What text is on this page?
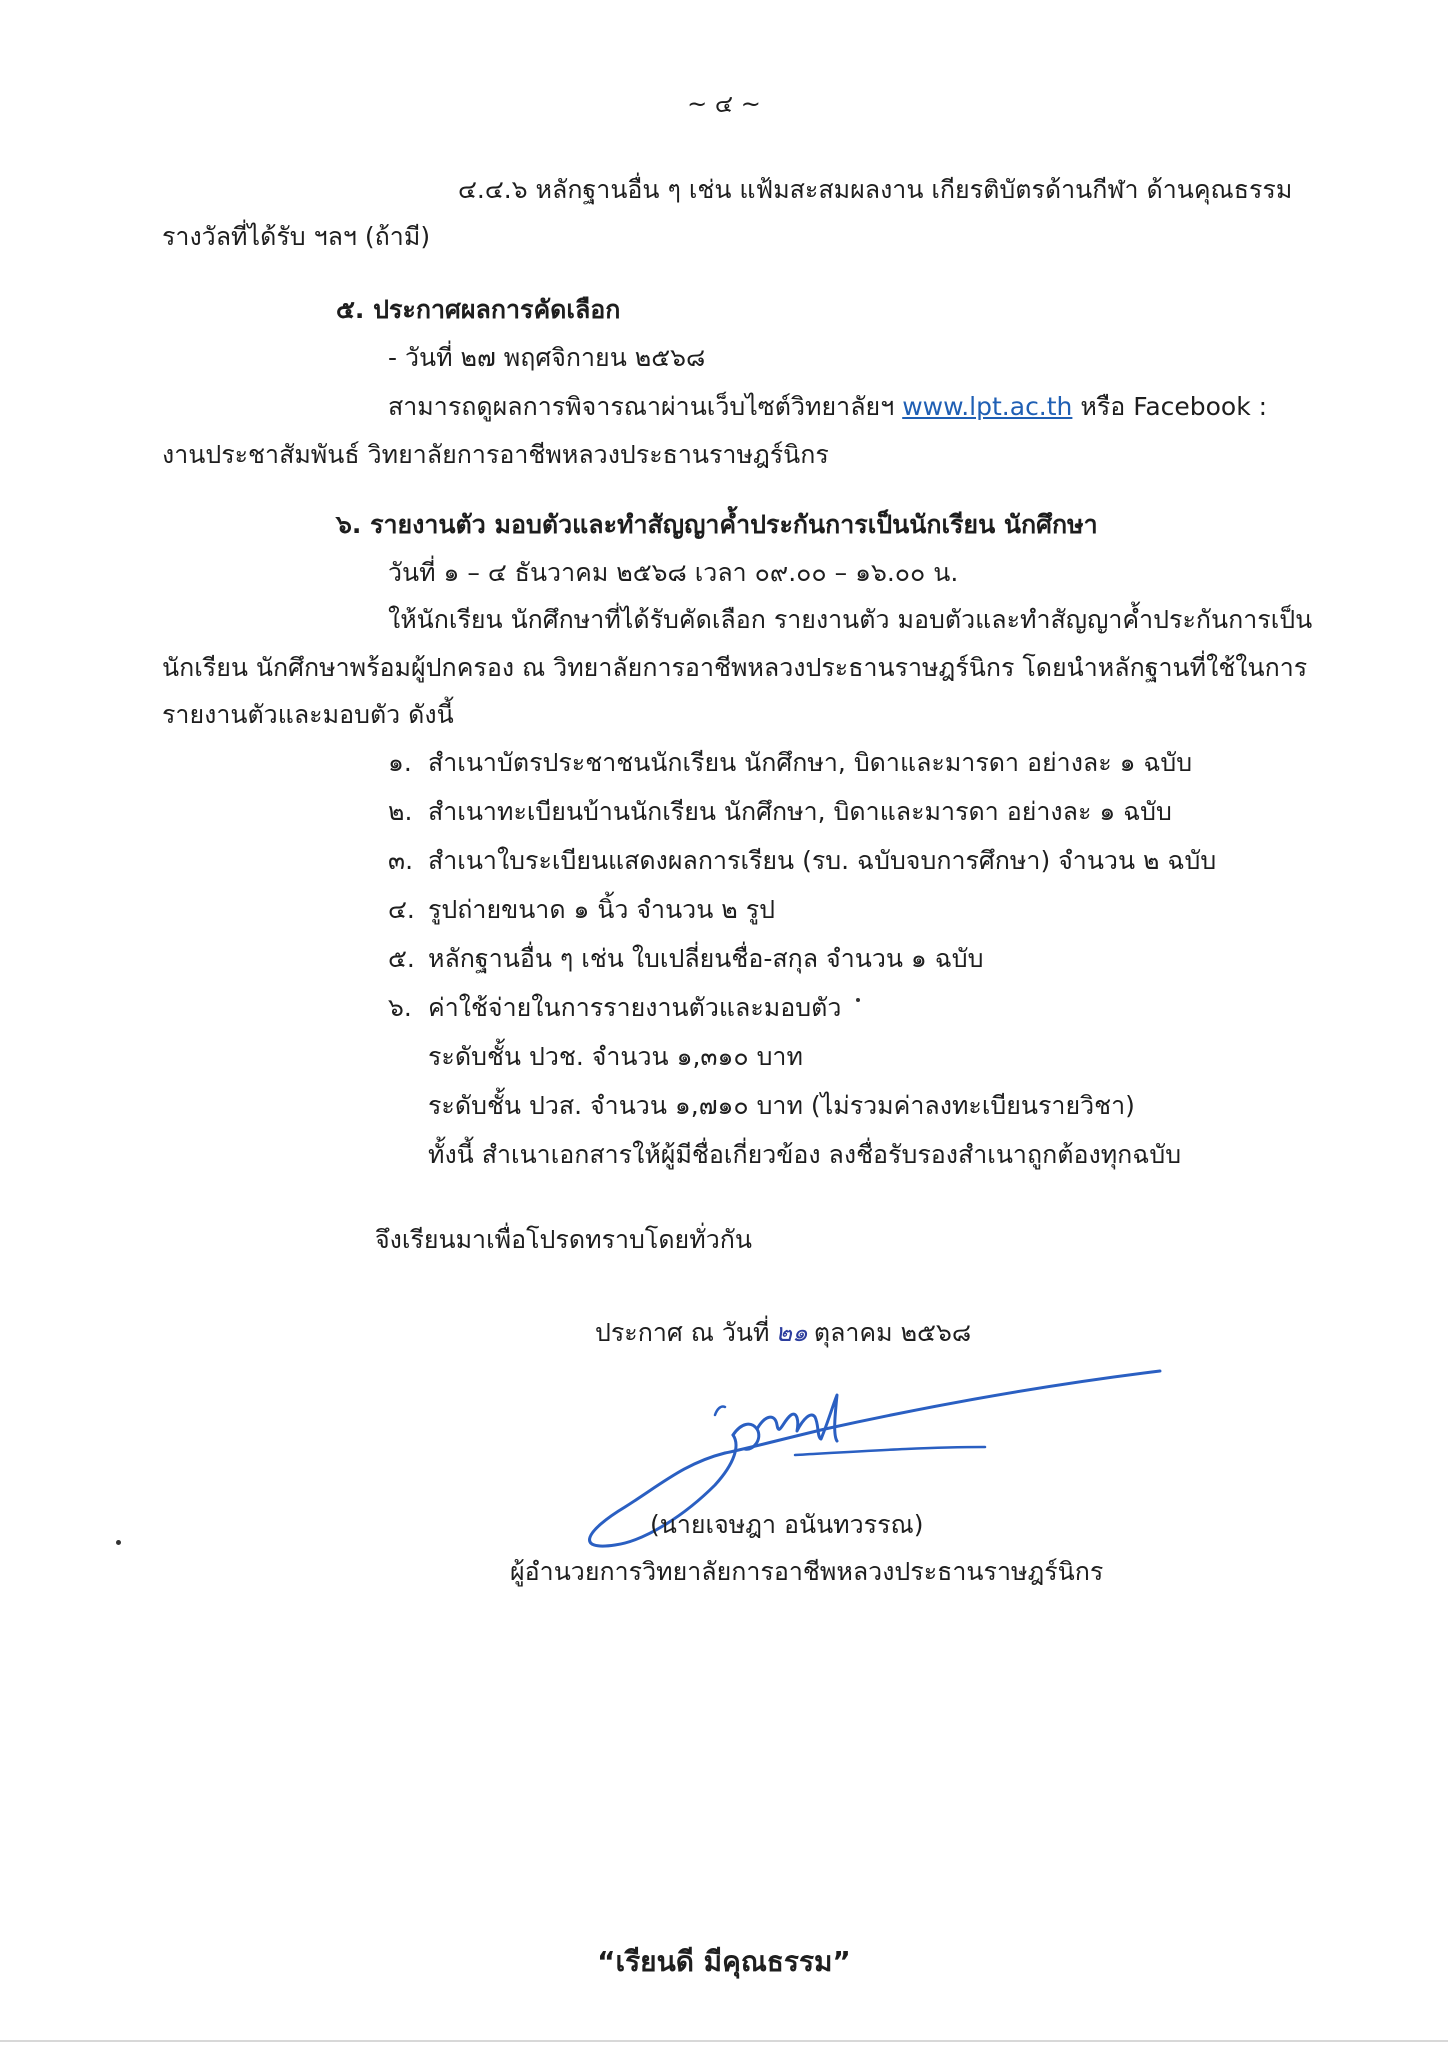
~ ๔ ~
๔.๔.๖ หลักฐานอื่น ๆ เช่น แฟ้มสะสมผลงาน เกียรติบัตรด้านกีฬา ด้านคุณธรรม
รางวัลที่ได้รับ ฯลฯ (ถ้ามี)
๕. ประกาศผลการคัดเลือก
- วันที่ ๒๗ พฤศจิกายน ๒๕๖๘
สามารถดูผลการพิจารณาผ่านเว็บไซต์วิทยาลัยฯ www.lpt.ac.th หรือ Facebook :
งานประชาสัมพันธ์ วิทยาลัยการอาชีพหลวงประธานราษฎร์นิกร
๖. รายงานตัว มอบตัวและทำสัญญาค้ำประกันการเป็นนักเรียน นักศึกษา
วันที่ ๑ – ๔ ธันวาคม ๒๕๖๘ เวลา ๐๙.๐๐ – ๑๖.๐๐ น.
ให้นักเรียน นักศึกษาที่ได้รับคัดเลือก รายงานตัว มอบตัวและทำสัญญาค้ำประกันการเป็น
นักเรียน นักศึกษาพร้อมผู้ปกครอง ณ วิทยาลัยการอาชีพหลวงประธานราษฎร์นิกร โดยนำหลักฐานที่ใช้ในการ
รายงานตัวและมอบตัว ดังนี้
๑. สำเนาบัตรประชาชนนักเรียน นักศึกษา, บิดาและมารดา อย่างละ ๑ ฉบับ
๒. สำเนาทะเบียนบ้านนักเรียน นักศึกษา, บิดาและมารดา อย่างละ ๑ ฉบับ
๓. สำเนาใบระเบียนแสดงผลการเรียน (รบ. ฉบับจบการศึกษา) จำนวน ๒ ฉบับ
๔. รูปถ่ายขนาด ๑ นิ้ว จำนวน ๒ รูป
๕. หลักฐานอื่น ๆ เช่น ใบเปลี่ยนชื่อ-สกุล จำนวน ๑ ฉบับ
๖. ค่าใช้จ่ายในการรายงานตัวและมอบตัว
ระดับชั้น ปวช. จำนวน ๑,๓๑๐ บาท
ระดับชั้น ปวส. จำนวน ๑,๗๑๐ บาท (ไม่รวมค่าลงทะเบียนรายวิชา)
ทั้งนี้ สำเนาเอกสารให้ผู้มีชื่อเกี่ยวข้อง ลงชื่อรับรองสำเนาถูกต้องทุกฉบับ
จึงเรียนมาเพื่อโปรดทราบโดยทั่วกัน
ประกาศ ณ วันที่ ๒๑ ตุลาคม ๒๕๖๘
(นายเจษฎา อนันทวรรณ)
ผู้อำนวยการวิทยาลัยการอาชีพหลวงประธานราษฎร์นิกร
“เรียนดี มีคุณธรรม”
